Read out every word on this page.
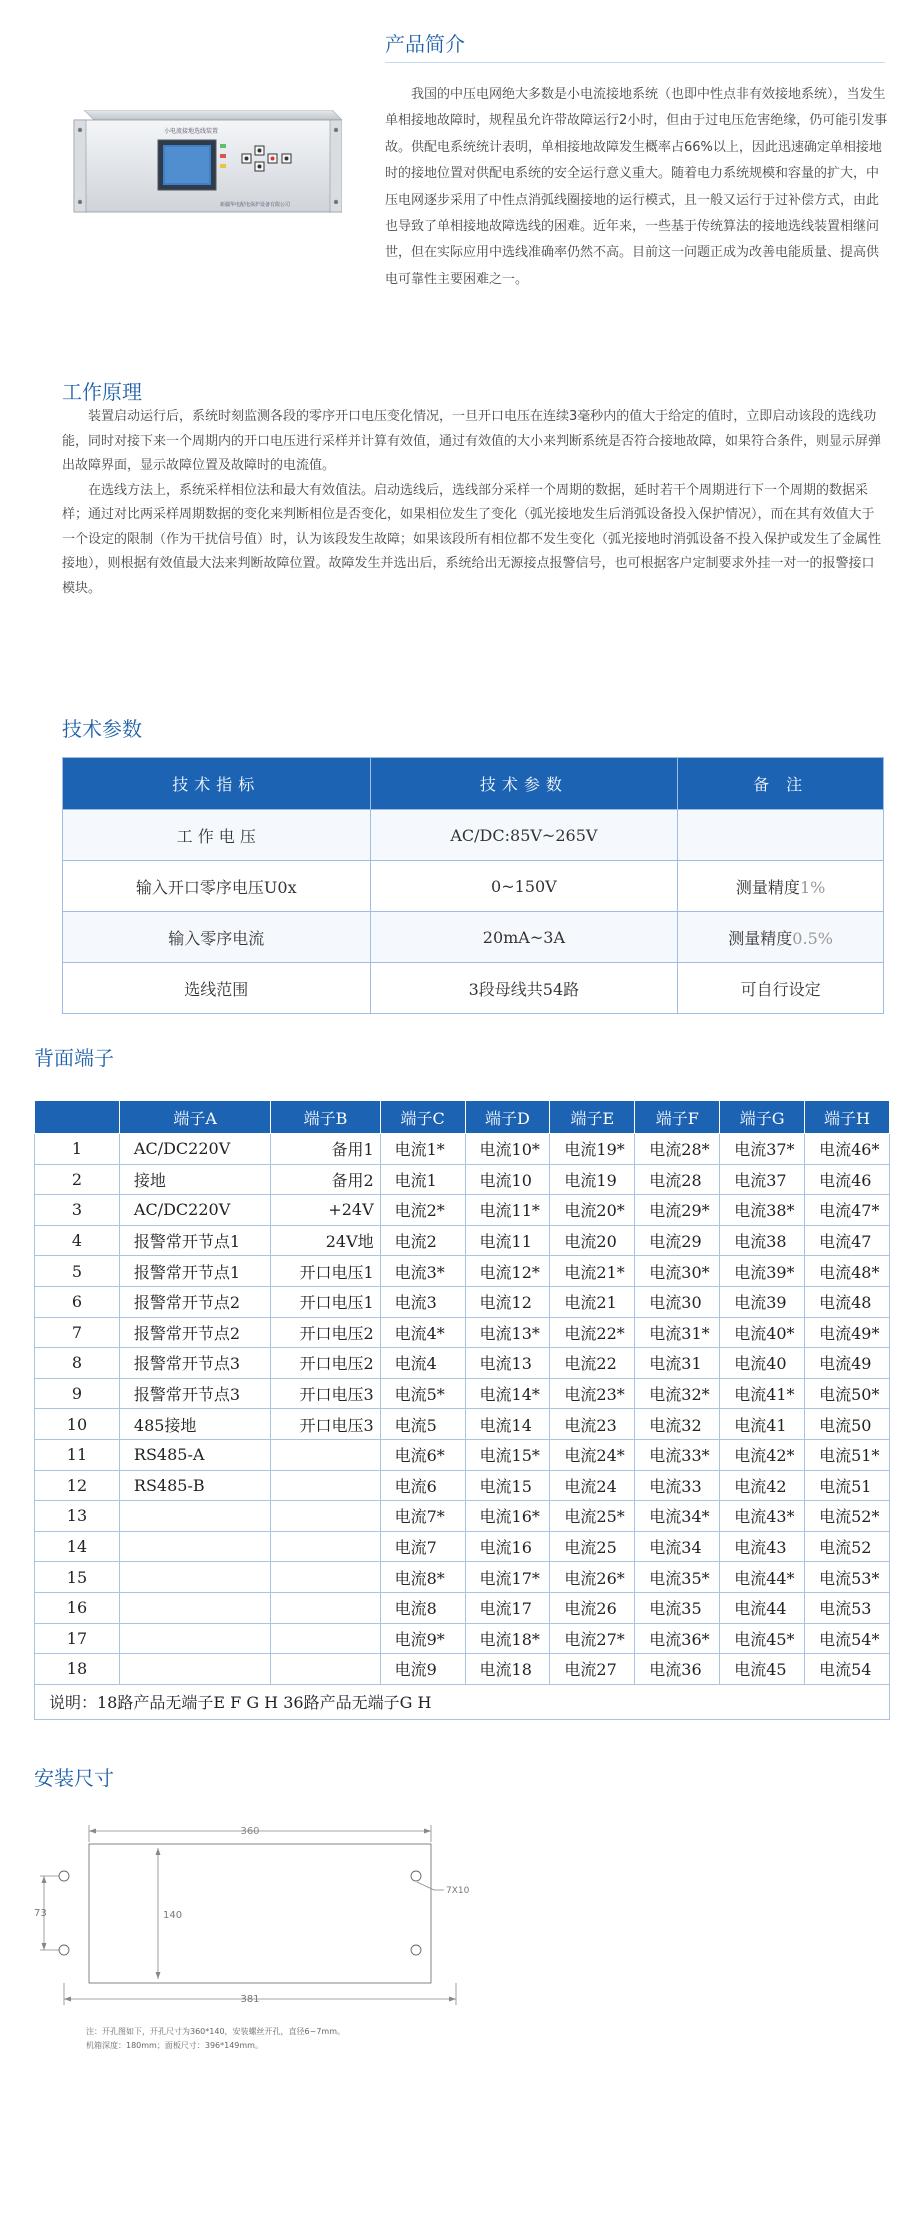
产品简介
小电流接地选线装置
新疆华电配电保护设备有限公司

我国的中压电网绝大多数是小电流接地系统（也即中性点非有效接地系统），当发生单相接地故障时，规程虽允许带故障运行2小时，但由于过电压危害绝缘，仍可能引发事故。供配电系统统计表明，单相接地故障发生概率占66%以上，因此迅速确定单相接地时的接地位置对供配电系统的安全运行意义重大。随着电力系统规模和容量的扩大，中压电网逐步采用了中性点消弧线圈接地的运行模式，且一般又运行于过补偿方式，由此也导致了单相接地故障选线的困难。近年来，一些基于传统算法的接地选线装置相继问世，但在实际应用中选线准确率仍然不高。目前这一问题正成为改善电能质量、提高供电可靠性主要困难之一。

工作原理

装置启动运行后，系统时刻监测各段的零序开口电压变化情况，一旦开口电压在连续3毫秒内的值大于给定的值时，立即启动该段的选线功能，同时对接下来一个周期内的开口电压进行采样并计算有效值，通过有效值的大小来判断系统是否符合接地故障，如果符合条件，则显示屏弹出故障界面，显示故障位置及故障时的电流值。

在选线方法上，系统采样相位法和最大有效值法。启动选线后，选线部分采样一个周期的数据，延时若干个周期进行下一个周期的数据采样；通过对比两采样周期数据的变化来判断相位是否变化，如果相位发生了变化（弧光接地发生后消弧设备投入保护情况），而在其有效值大于一个设定的限制（作为干扰信号值）时，认为该段发生故障；如果该段所有相位都不发生变化（弧光接地时消弧设备不投入保护或发生了金属性接地），则根据有效值最大法来判断故障位置。故障发生并选出后，系统给出无源接点报警信号，也可根据客户定制要求外挂一对一的报警接口模块。

技术参数
技术指标	技术参数	备 注
工 作 电 压	AC/DC:85V~265V	
输入开口零序电压U0x	0~150V	测量精度1%
输入零序电流	20mA~3A	测量精度0.5%
选线范围	3段母线共54路	可自行设定
背面端子
	端子A	端子B	端子C	端子D	端子E	端子F	端子G	端子H
1	AC/DC220V	备用1	电流1*	电流10*	电流19*	电流28*	电流37*	电流46*
2	接地	备用2	电流1	电流10	电流19	电流28	电流37	电流46
3	AC/DC220V	+24V	电流2*	电流11*	电流20*	电流29*	电流38*	电流47*
4	报警常开节点1	24V地	电流2	电流11	电流20	电流29	电流38	电流47
5	报警常开节点1	开口电压1	电流3*	电流12*	电流21*	电流30*	电流39*	电流48*
6	报警常开节点2	开口电压1	电流3	电流12	电流21	电流30	电流39	电流48
7	报警常开节点2	开口电压2	电流4*	电流13*	电流22*	电流31*	电流40*	电流49*
8	报警常开节点3	开口电压2	电流4	电流13	电流22	电流31	电流40	电流49
9	报警常开节点3	开口电压3	电流5*	电流14*	电流23*	电流32*	电流41*	电流50*
10	485接地	开口电压3	电流5	电流14	电流23	电流32	电流41	电流50
11	RS485-A		电流6*	电流15*	电流24*	电流33*	电流42*	电流51*
12	RS485-B		电流6	电流15	电流24	电流33	电流42	电流51
13			电流7*	电流16*	电流25*	电流34*	电流43*	电流52*
14			电流7	电流16	电流25	电流34	电流43	电流52
15			电流8*	电流17*	电流26*	电流35*	电流44*	电流53*
16			电流8	电流17	电流26	电流35	电流44	电流53
17			电流9*	电流18*	电流27*	电流36*	电流45*	电流54*
18			电流9	电流18	电流27	电流36	电流45	电流54
说明：18路产品无端子E F G H 36路产品无端子G H								
安装尺寸
360
381
140
73
7X10
注：开孔图如下，开孔尺寸为360*140，安装螺丝开孔，直径6~7mm。
机箱深度：180mm；面板尺寸：396*149mm。
